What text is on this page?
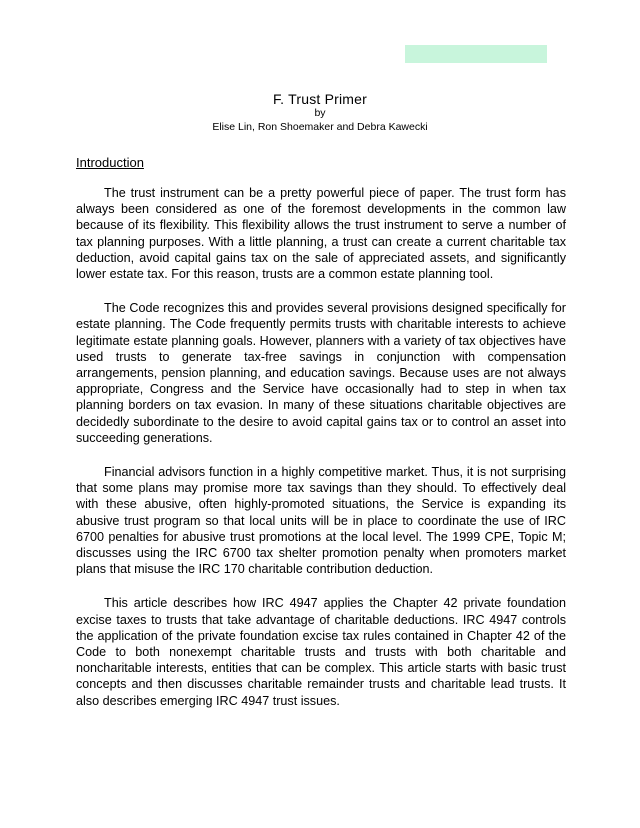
F. Trust Primer
by
Elise Lin, Ron Shoemaker and Debra Kawecki
Introduction

The trust instrument can be a pretty powerful piece of paper. The trust form has always been considered as one of the foremost developments in the common law because of its flexibility. This flexibility allows the trust instrument to serve a number of tax planning purposes. With a little planning, a trust can create a current charitable tax deduction, avoid capital gains tax on the sale of appreciated assets, and significantly lower estate tax. For this reason, trusts are a common estate planning tool.

The Code recognizes this and provides several provisions designed specifically for estate planning. The Code frequently permits trusts with charitable interests to achieve legitimate estate planning goals. However, planners with a variety of tax objectives have used trusts to generate tax-free savings in conjunction with compensation arrangements, pension planning, and education savings. Because uses are not always appropriate, Congress and the Service have occasionally had to step in when tax planning borders on tax evasion. In many of these situations charitable objectives are decidedly subordinate to the desire to avoid capital gains tax or to control an asset into succeeding generations.

Financial advisors function in a highly competitive market. Thus, it is not surprising that some plans may promise more tax savings than they should. To effectively deal with these abusive, often highly-promoted situations, the Service is expanding its abusive trust program so that local units will be in place to coordinate the use of IRC 6700 penalties for abusive trust promotions at the local level. The 1999 CPE, Topic M; discusses using the IRC 6700 tax shelter promotion penalty when promoters market plans that misuse the IRC 170 charitable contribution deduction.

This article describes how IRC 4947 applies the Chapter 42 private foundation excise taxes to trusts that take advantage of charitable deductions. IRC 4947 controls the application of the private foundation excise tax rules contained in Chapter 42 of the Code to both nonexempt charitable trusts and trusts with both charitable and noncharitable interests, entities that can be complex. This article starts with basic trust concepts and then discusses charitable remainder trusts and charitable lead trusts. It also describes emerging IRC 4947 trust issues.
